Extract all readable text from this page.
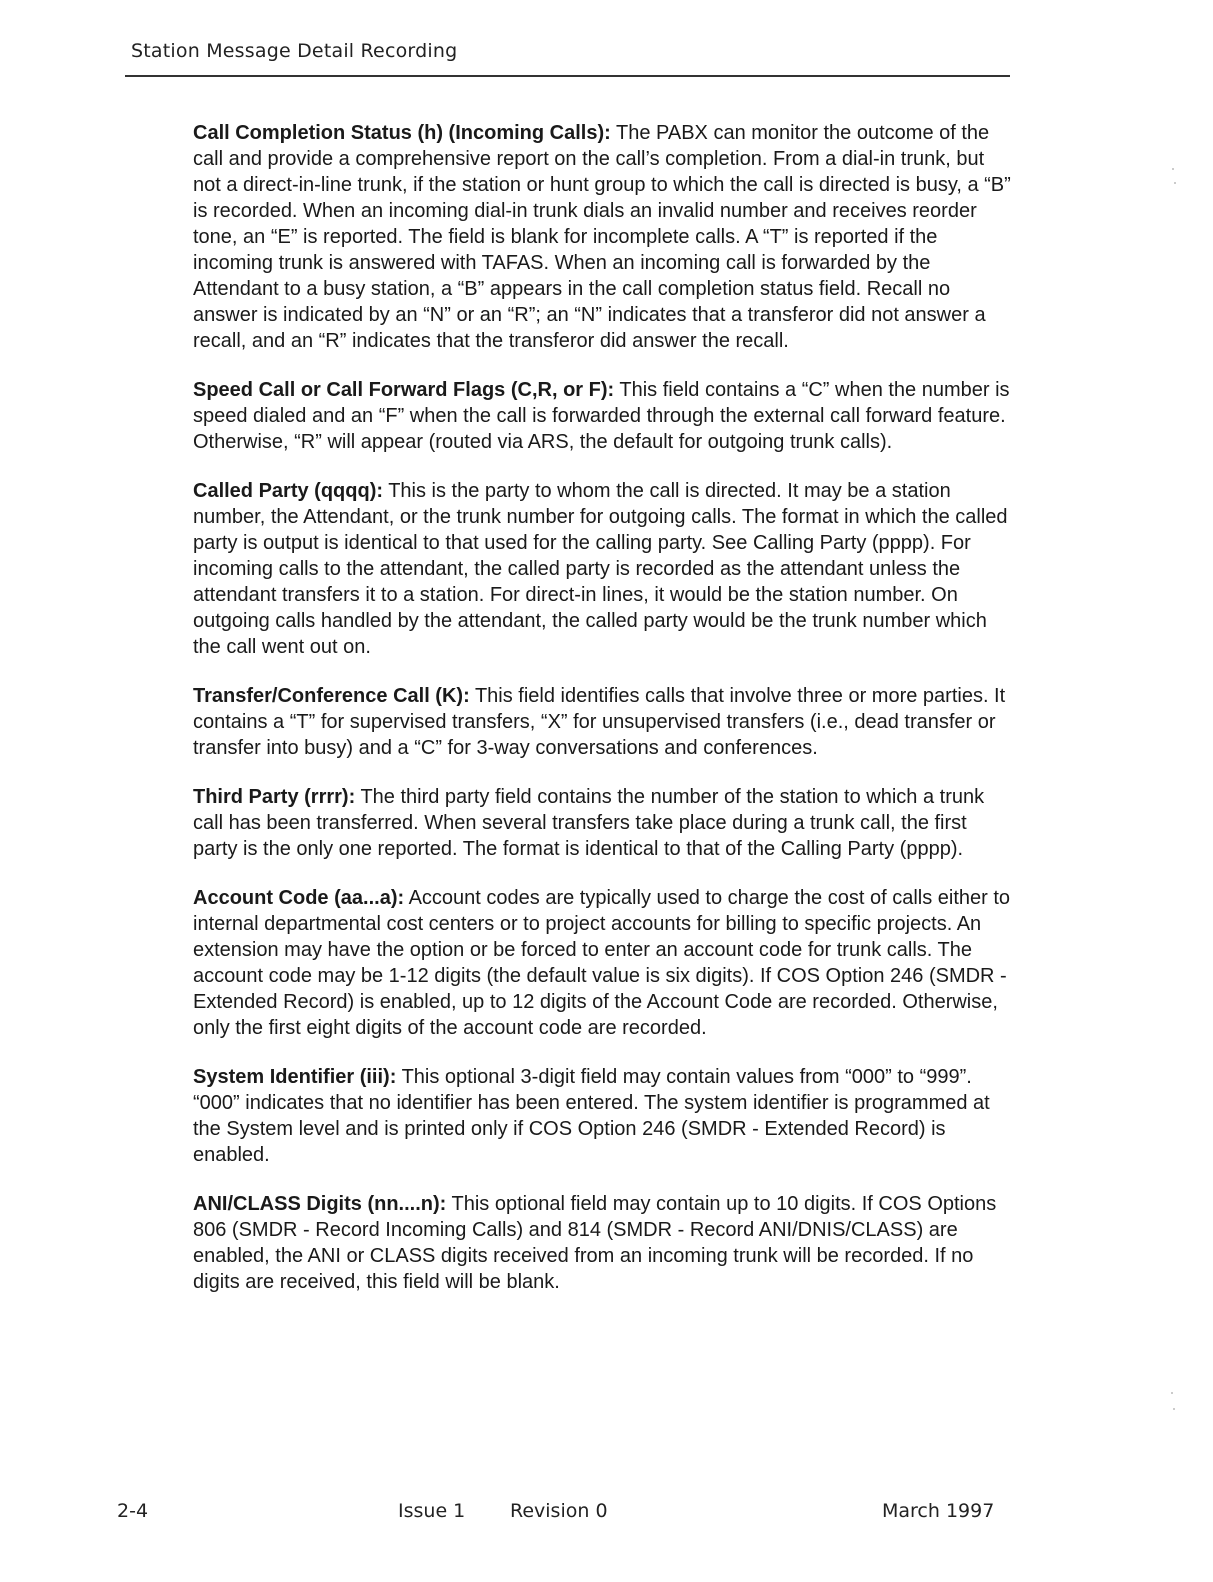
Station Message Detail Recording

Call Completion Status (h) (Incoming Calls): The PABX can monitor the outcome of the call and provide a comprehensive report on the call’s completion. From a dial-in trunk, but not a direct-in-line trunk, if the station or hunt group to which the call is directed is busy, a “B” is recorded. When an incoming dial-in trunk dials an invalid number and receives reorder tone, an “E” is reported. The field is blank for incomplete calls. A “T” is reported if the incoming trunk is answered with TAFAS. When an incoming call is forwarded by the Attendant to a busy station, a “B” appears in the call completion status field. Recall no answer is indicated by an “N” or an “R”; an “N” indicates that a transferor did not answer a recall, and an “R” indicates that the transferor did answer the recall.

Speed Call or Call Forward Flags (C,R, or F): This field contains a “C” when the number is speed dialed and an “F” when the call is forwarded through the external call forward feature. Otherwise, “R” will appear (routed via ARS, the default for outgoing trunk calls).

Called Party (qqqq): This is the party to whom the call is directed. It may be a station number, the Attendant, or the trunk number for outgoing calls. The format in which the called party is output is identical to that used for the calling party. See Calling Party (pppp). For incoming calls to the attendant, the called party is recorded as the attendant unless the attendant transfers it to a station. For direct-in lines, it would be the station number. On outgoing calls handled by the attendant, the called party would be the trunk number which the call went out on.

Transfer/Conference Call (K): This field identifies calls that involve three or more parties. It contains a “T” for supervised transfers, “X” for unsupervised transfers (i.e., dead transfer or transfer into busy) and a “C” for 3-way conversations and conferences.

Third Party (rrrr): The third party field contains the number of the station to which a trunk call has been transferred. When several transfers take place during a trunk call, the first party is the only one reported. The format is identical to that of the Calling Party (pppp).

Account Code (aa...a): Account codes are typically used to charge the cost of calls either to internal departmental cost centers or to project accounts for billing to specific projects. An extension may have the option or be forced to enter an account code for trunk calls. The account code may be 1-12 digits (the default value is six digits). If COS Option 246 (SMDR - Extended Record) is enabled, up to 12 digits of the Account Code are recorded. Otherwise, only the first eight digits of the account code are recorded.

System Identifier (iii): This optional 3-digit field may contain values from “000” to “999”. “000” indicates that no identifier has been entered. The system identifier is programmed at the System level and is printed only if COS Option 246 (SMDR - Extended Record) is enabled.

ANI/CLASS Digits (nn....n): This optional field may contain up to 10 digits. If COS Options 806 (SMDR - Record Incoming Calls) and 814 (SMDR - Record ANI/DNIS/CLASS) are enabled, the ANI or CLASS digits received from an incoming trunk will be recorded. If no digits are received, this field will be blank.

2-4	Issue 1 Revision 0	March 1997
